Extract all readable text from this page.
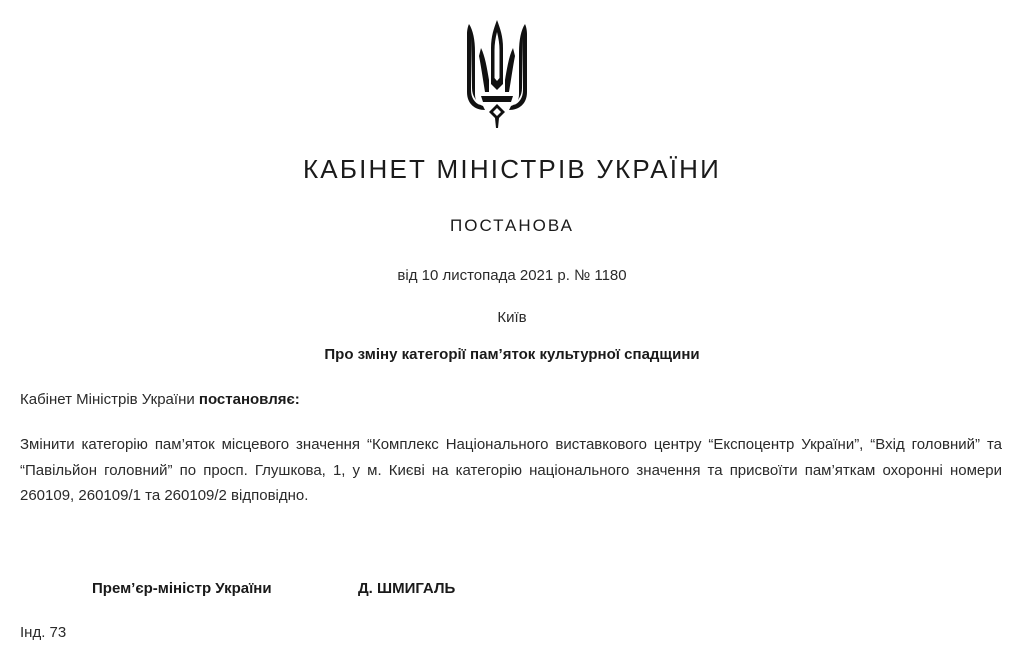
КАБІНЕТ МІНІСТРІВ УКРАЇНИ
ПОСТАНОВА
від 10 листопада 2021 р. № 1180
Київ
Про зміну категорії пам’яток культурної спадщини
Кабінет Міністрів України постановляє:
Змінити категорію пам’яток місцевого значення “Комплекс Національного виставкового центру “Експоцентр України”, “Вхід головний” та “Павільйон головний” по просп. Глушкова, 1, у м. Києві на категорію національного значення та присвоїти пам’яткам охоронні номери 260109, 260109/1 та 260109/2 відповідно.
Прем’єр-міністр України	Д. ШМИГАЛЬ
Інд. 73
